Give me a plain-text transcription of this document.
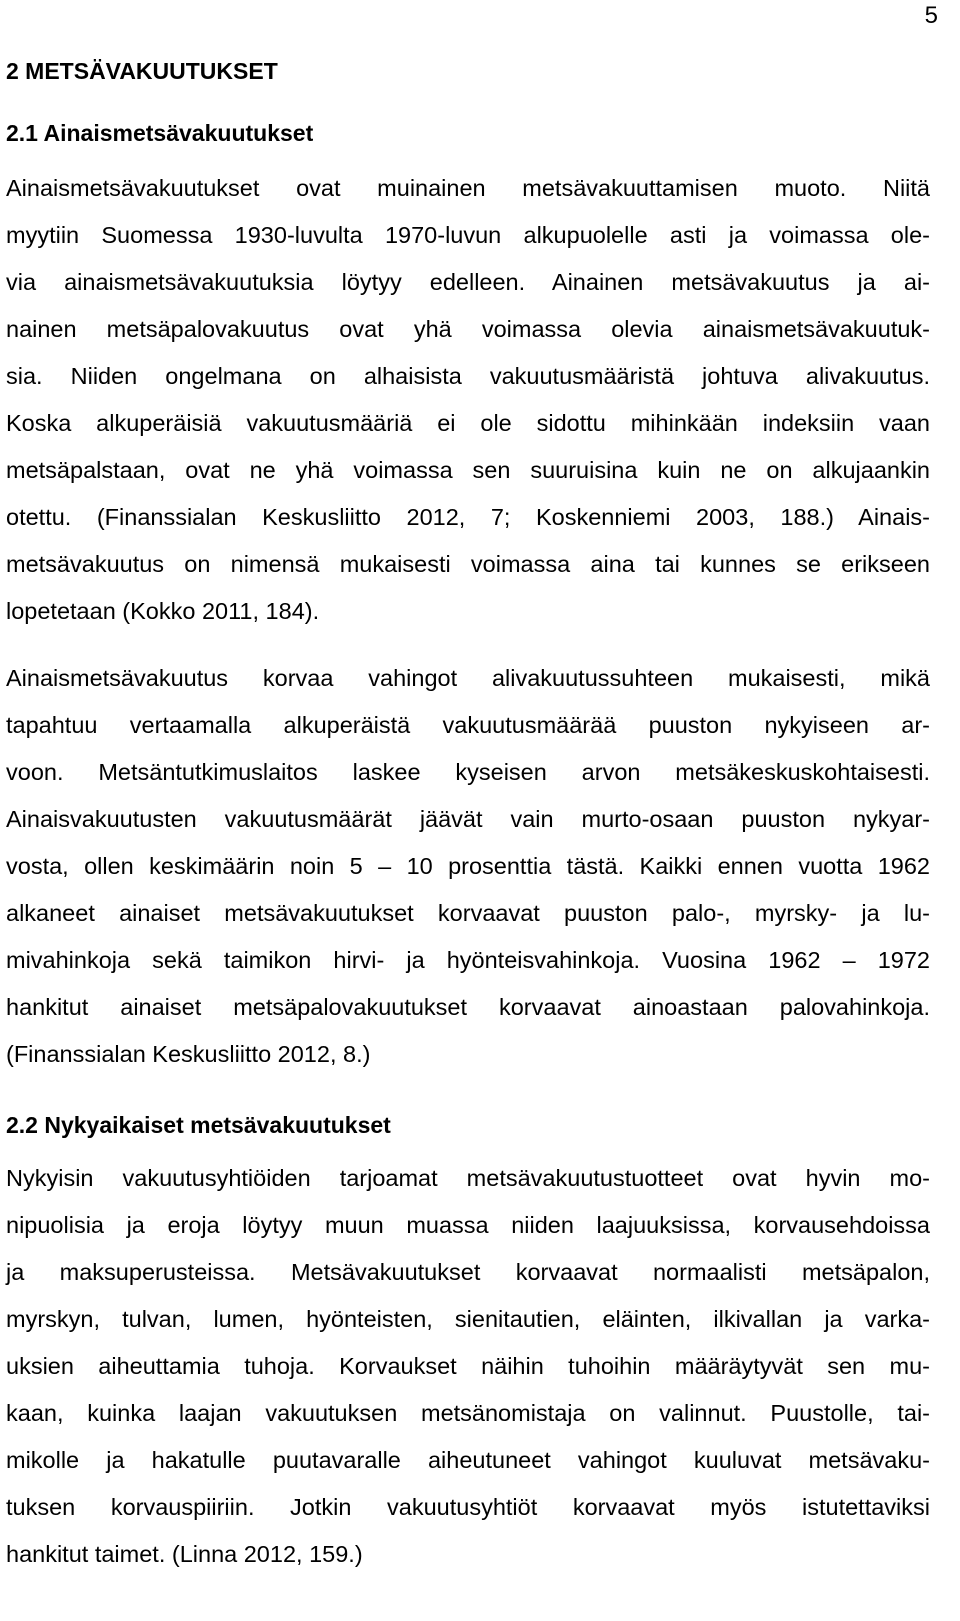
5
2 METSÄVAKUUTUKSET
2.1 Ainaismetsävakuutukset
Ainaismetsävakuutukset ovat muinainen metsävakuuttamisen muoto. Niitä
myytiin Suomessa 1930-luvulta 1970-luvun alkupuolelle asti ja voimassa ole-
via ainaismetsävakuutuksia löytyy edelleen. Ainainen metsävakuutus ja ai-
nainen metsäpalovakuutus ovat yhä voimassa olevia ainaismetsävakuutuk-
sia. Niiden ongelmana on alhaisista vakuutusmääristä johtuva alivakuutus.
Koska alkuperäisiä vakuutusmääriä ei ole sidottu mihinkään indeksiin vaan
metsäpalstaan, ovat ne yhä voimassa sen suuruisina kuin ne on alkujaankin
otettu. (Finanssialan Keskusliitto 2012, 7; Koskenniemi 2003, 188.) Ainais-
metsävakuutus on nimensä mukaisesti voimassa aina tai kunnes se erikseen
lopetetaan (Kokko 2011, 184).
Ainaismetsävakuutus korvaa vahingot alivakuutussuhteen mukaisesti, mikä
tapahtuu vertaamalla alkuperäistä vakuutusmäärää puuston nykyiseen ar-
voon. Metsäntutkimuslaitos laskee kyseisen arvon metsäkeskuskohtaisesti.
Ainaisvakuutusten vakuutusmäärät jäävät vain murto-osaan puuston nykyar-
vosta, ollen keskimäärin noin 5 – 10 prosenttia tästä. Kaikki ennen vuotta 1962
alkaneet ainaiset metsävakuutukset korvaavat puuston palo-, myrsky- ja lu-
mivahinkoja sekä taimikon hirvi- ja hyönteisvahinkoja. Vuosina 1962 – 1972
hankitut ainaiset metsäpalovakuutukset korvaavat ainoastaan palovahinkoja.
(Finanssialan Keskusliitto 2012, 8.)
2.2 Nykyaikaiset metsävakuutukset
Nykyisin vakuutusyhtiöiden tarjoamat metsävakuutustuotteet ovat hyvin mo-
nipuolisia ja eroja löytyy muun muassa niiden laajuuksissa, korvausehdoissa
ja maksuperusteissa. Metsävakuutukset korvaavat normaalisti metsäpalon,
myrskyn, tulvan, lumen, hyönteisten, sienitautien, eläinten, ilkivallan ja varka-
uksien aiheuttamia tuhoja. Korvaukset näihin tuhoihin määräytyvät sen mu-
kaan, kuinka laajan vakuutuksen metsänomistaja on valinnut. Puustolle, tai-
mikolle ja hakatulle puutavaralle aiheutuneet vahingot kuuluvat metsävaku-
tuksen korvauspiiriin. Jotkin vakuutusyhtiöt korvaavat myös istutettaviksi
hankitut taimet. (Linna 2012, 159.)
